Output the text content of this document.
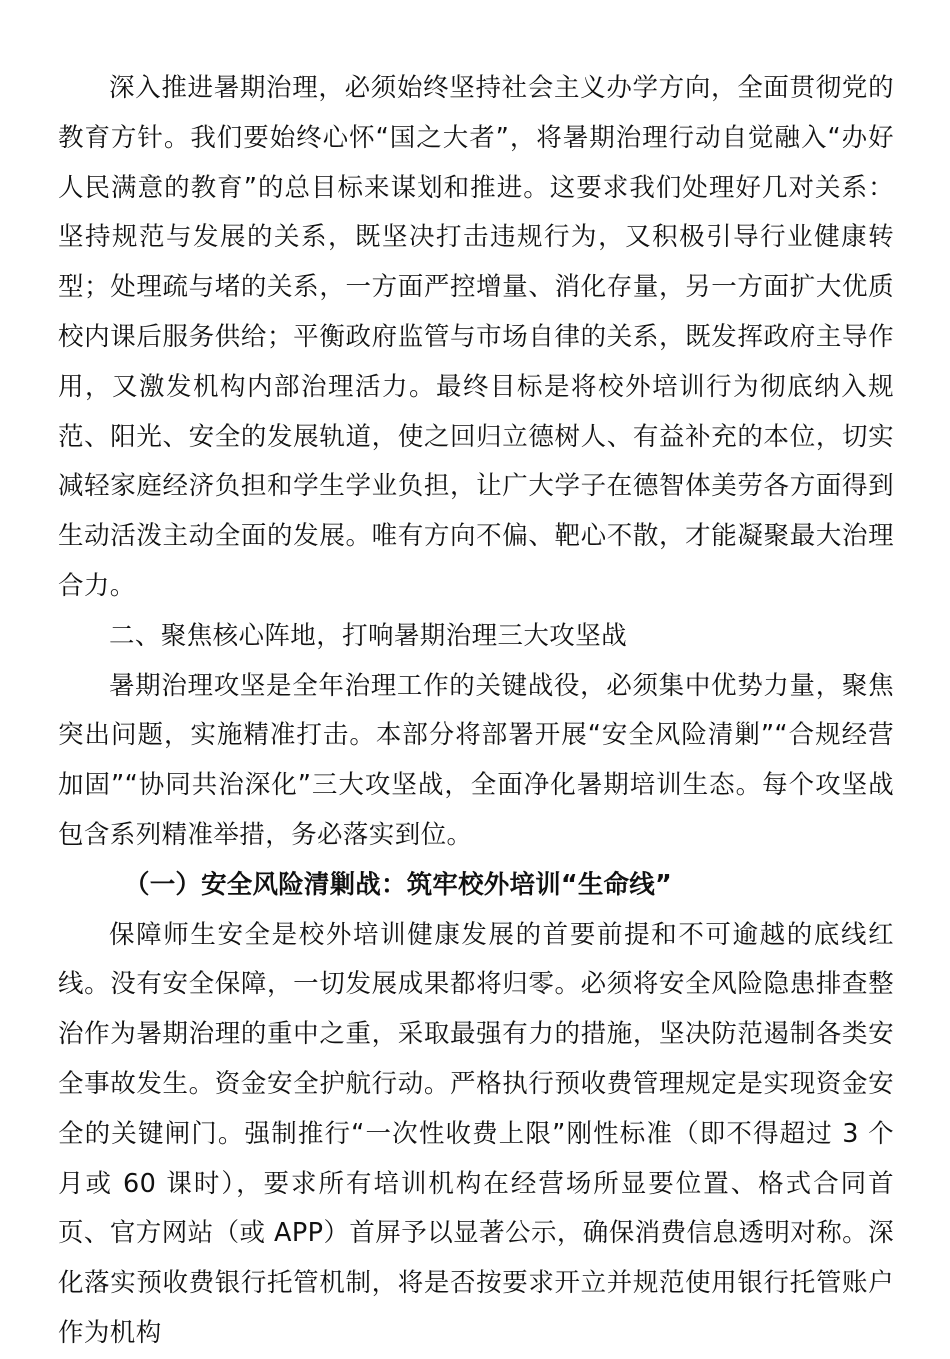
深入推进暑期治理，必须始终坚持社会主义办学方向，全面贯彻党的教育方针。我们要始终心怀“国之大者”，将暑期治理行动自觉融入“办好人民满意的教育”的总目标来谋划和推进。这要求我们处理好几对关系：坚持规范与发展的关系，既坚决打击违规行为，又积极引导行业健康转型；处理疏与堵的关系，一方面严控增量、消化存量，另一方面扩大优质校内课后服务供给；平衡政府监管与市场自律的关系，既发挥政府主导作用，又激发机构内部治理活力。最终目标是将校外培训行为彻底纳入规范、阳光、安全的发展轨道，使之回归立德树人、有益补充的本位，切实减轻家庭经济负担和学生学业负担，让广大学子在德智体美劳各方面得到生动活泼主动全面的发展。唯有方向不偏、靶心不散，才能凝聚最大治理合力。

二、聚焦核心阵地，打响暑期治理三大攻坚战

暑期治理攻坚是全年治理工作的关键战役，必须集中优势力量，聚焦突出问题，实施精准打击。本部分将部署开展“安全风险清剿”“合规经营加固”“协同共治深化”三大攻坚战，全面净化暑期培训生态。每个攻坚战包含系列精准举措，务必落实到位。

（一）安全风险清剿战：筑牢校外培训“生命线”

保障师生安全是校外培训健康发展的首要前提和不可逾越的底线红线。没有安全保障，一切发展成果都将归零。必须将安全风险隐患排查整治作为暑期治理的重中之重，采取最强有力的措施，坚决防范遏制各类安全事故发生。资金安全护航行动。严格执行预收费管理规定是实现资金安全的关键闸门。强制推行“一次性收费上限”刚性标准（即不得超过 3 个月或 60 课时），要求所有培训机构在经营场所显要位置、格式合同首页、官方网站（或 APP）首屏予以显著公示，确保消费信息透明对称。深化落实预收费银行托管机制，将是否按要求开立并规范使用银行托管账户作为机构
